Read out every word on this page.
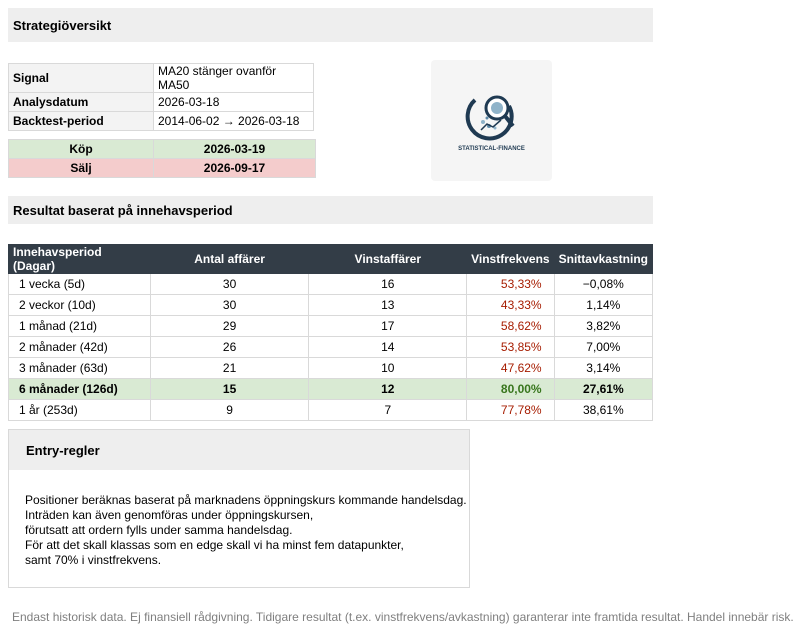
Strategiöversikt
Signal	MA20 stänger ovanför MA50
Analysdatum	2026-03-18
Backtest-period	2014-06-02 → 2026-03-18
Köp	2026-03-19
Sälj	2026-09-17
STATISTICAL-FINANCE
Resultat baserat på innehavsperiod
Innehavsperiod (Dagar)	Antal affärer	Vinstaffärer	Vinstfrekvens	Snittavkastning
1 vecka (5d)	30	16	53,33%	−0,08%
2 veckor (10d)	30	13	43,33%	1,14%
1 månad (21d)	29	17	58,62%	3,82%
2 månader (42d)	26	14	53,85%	7,00%
3 månader (63d)	21	10	47,62%	3,14%
6 månader (126d)	15	12	80,00%	27,61%
1 år (253d)	9	7	77,78%	38,61%
Entry-regler
Positioner beräknas baserat på marknadens öppningskurs kommande handelsdag.
Inträden kan även genomföras under öppningskursen,
förutsatt att ordern fylls under samma handelsdag.
För att det skall klassas som en edge skall vi ha minst fem datapunkter,
samt 70% i vinstfrekvens.
Endast historisk data. Ej finansiell rådgivning. Tidigare resultat (t.ex. vinstfrekvens/avkastning) garanterar inte framtida resultat. Handel innebär risk.
